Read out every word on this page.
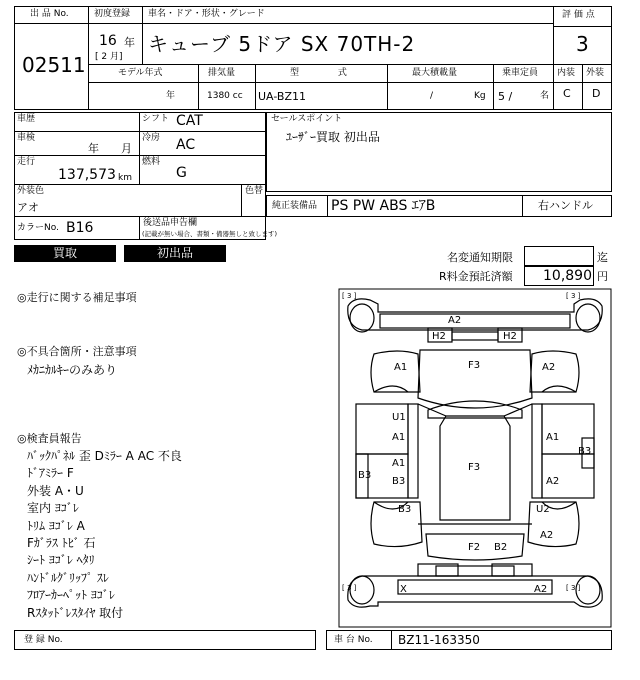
出 品 No.
02511
初度登録
16 年
[ 2 月]
車名・ドア・形状・グレード
キューブ 5ドア SX 70TH-2
評 価 点
3
内装 外装
C D
モデル年式
年
排気量
1380 cc
型 式
UA-BZ11
最大積載量
/	Kg
乗車定員
5 /	名
車歴
車検
年 月
走行
137,573 km
シフト CAT
冷房 AC
燃料
G
外装色
アオ
色替
カラーNo. B16	後送品申告欄
(記載が無い場合、書類・備器無しと致します)
セールスポイント
ﾕｰｻﾞｰ買取 初出品
純正装備品 PS PW ABS ｴｱB	右ハンドル
買取	初出品	名変通知期限	迄
R料金預託済額 10,890 円
◎走行に関する補足事項
◎不具合箇所・注意事項
ﾒｶﾆｶﾙｷｰのみあり
◎検査員報告
ﾊﾞｯｸﾊﾟﾈﾙ 歪 Dﾐﾗｰ A AC 不良
ﾄﾞｱﾐﾗｰ F
外装 A・U
室内 ﾖｺﾞﾚ
ﾄﾘﾑ ﾖｺﾞﾚ A
Fｶﾞﾗｽ ﾄﾋﾞ 石
ｼｰﾄ ﾖｺﾞﾚ ﾍﾀﾘ
ﾊﾝﾄﾞﾙｸﾞﾘｯﾌﾟ ｽﾚ
ﾌﾛｱｰｶｰﾍﾟｯﾄ ﾖｺﾞﾚ
Rｽﾀｯﾄﾞﾚｽﾀｲﾔ 取付
[ 3 ]	[ 3 ]
[ 3 ]	[ 3 ]
A2
H2	H2
A1	F3	A2
U1
A1	A1
B3
A1
B3
F3
B3
A2
B3	U2
A2
F2 B2
X	A2
登 録 No.	車 台 No. BZ11-163350
